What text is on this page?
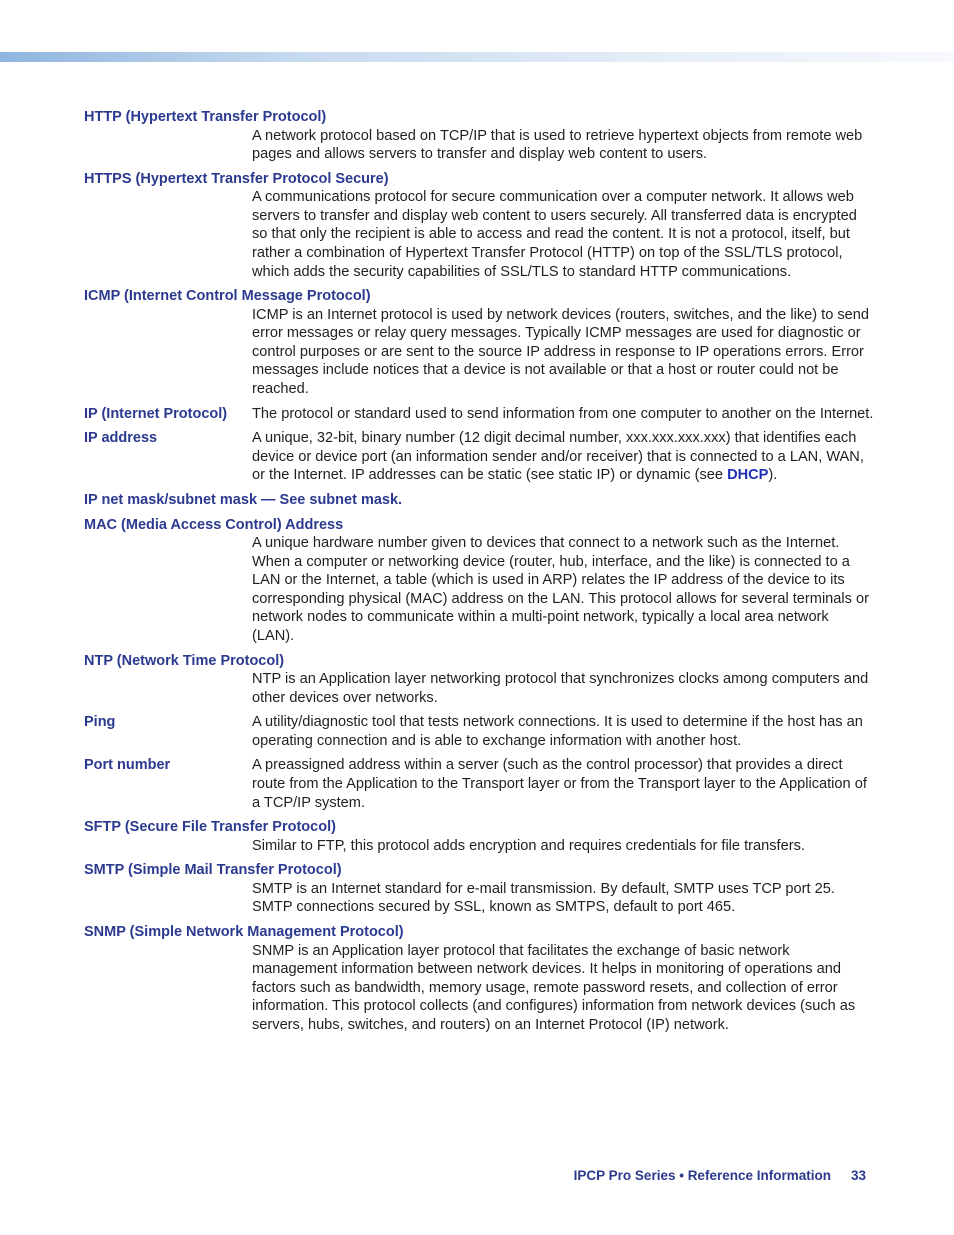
HTTP (Hypertext Transfer Protocol)
A network protocol based on TCP/IP that is used to retrieve hypertext objects from remote web pages and allows servers to transfer and display web content to users.
HTTPS (Hypertext Transfer Protocol Secure)
A communications protocol for secure communication over a computer network. It allows web servers to transfer and display web content to users securely. All transferred data is encrypted so that only the recipient is able to access and read the content. It is not a protocol, itself, but rather a combination of Hypertext Transfer Protocol (HTTP) on top of the SSL/TLS protocol, which adds the security capabilities of SSL/TLS to standard HTTP communications.
ICMP (Internet Control Message Protocol)
ICMP is an Internet protocol is used by network devices (routers, switches, and the like) to send error messages or relay query messages. Typically ICMP messages are used for diagnostic or control purposes or are sent to the source IP address in response to IP operations errors. Error messages include notices that a device is not available or that a host or router could not be reached.
IP (Internet Protocol)	The protocol or standard used to send information from one computer to another on the Internet.
IP address	A unique, 32-bit, binary number (12 digit decimal number, xxx.xxx.xxx.xxx) that identifies each device or device port (an information sender and/or receiver) that is connected to a LAN, WAN, or the Internet. IP addresses can be static (see static IP) or dynamic (see DHCP).
IP net mask/subnet mask — See subnet mask.
MAC (Media Access Control) Address
A unique hardware number given to devices that connect to a network such as the Internet. When a computer or networking device (router, hub, interface, and the like) is connected to a LAN or the Internet, a table (which is used in ARP) relates the IP address of the device to its corresponding physical (MAC) address on the LAN. This protocol allows for several terminals or network nodes to communicate within a multi-point network, typically a local area network (LAN).
NTP (Network Time Protocol)
NTP is an Application layer networking protocol that synchronizes clocks among computers and other devices over networks.
Ping	A utility/diagnostic tool that tests network connections. It is used to determine if the host has an operating connection and is able to exchange information with another host.
Port number	A preassigned address within a server (such as the control processor) that provides a direct route from the Application to the Transport layer or from the Transport layer to the Application of a TCP/IP system.
SFTP (Secure File Transfer Protocol)
Similar to FTP, this protocol adds encryption and requires credentials for file transfers.
SMTP (Simple Mail Transfer Protocol)
SMTP is an Internet standard for e-mail transmission. By default, SMTP uses TCP port 25. SMTP connections secured by SSL, known as SMTPS, default to port 465.
SNMP (Simple Network Management Protocol)
SNMP is an Application layer protocol that facilitates the exchange of basic network management information between network devices. It helps in monitoring of operations and factors such as bandwidth, memory usage, remote password resets, and collection of error information. This protocol collects (and configures) information from network devices (such as servers, hubs, switches, and routers) on an Internet Protocol (IP) network.
IPCP Pro Series • Reference Information 33
